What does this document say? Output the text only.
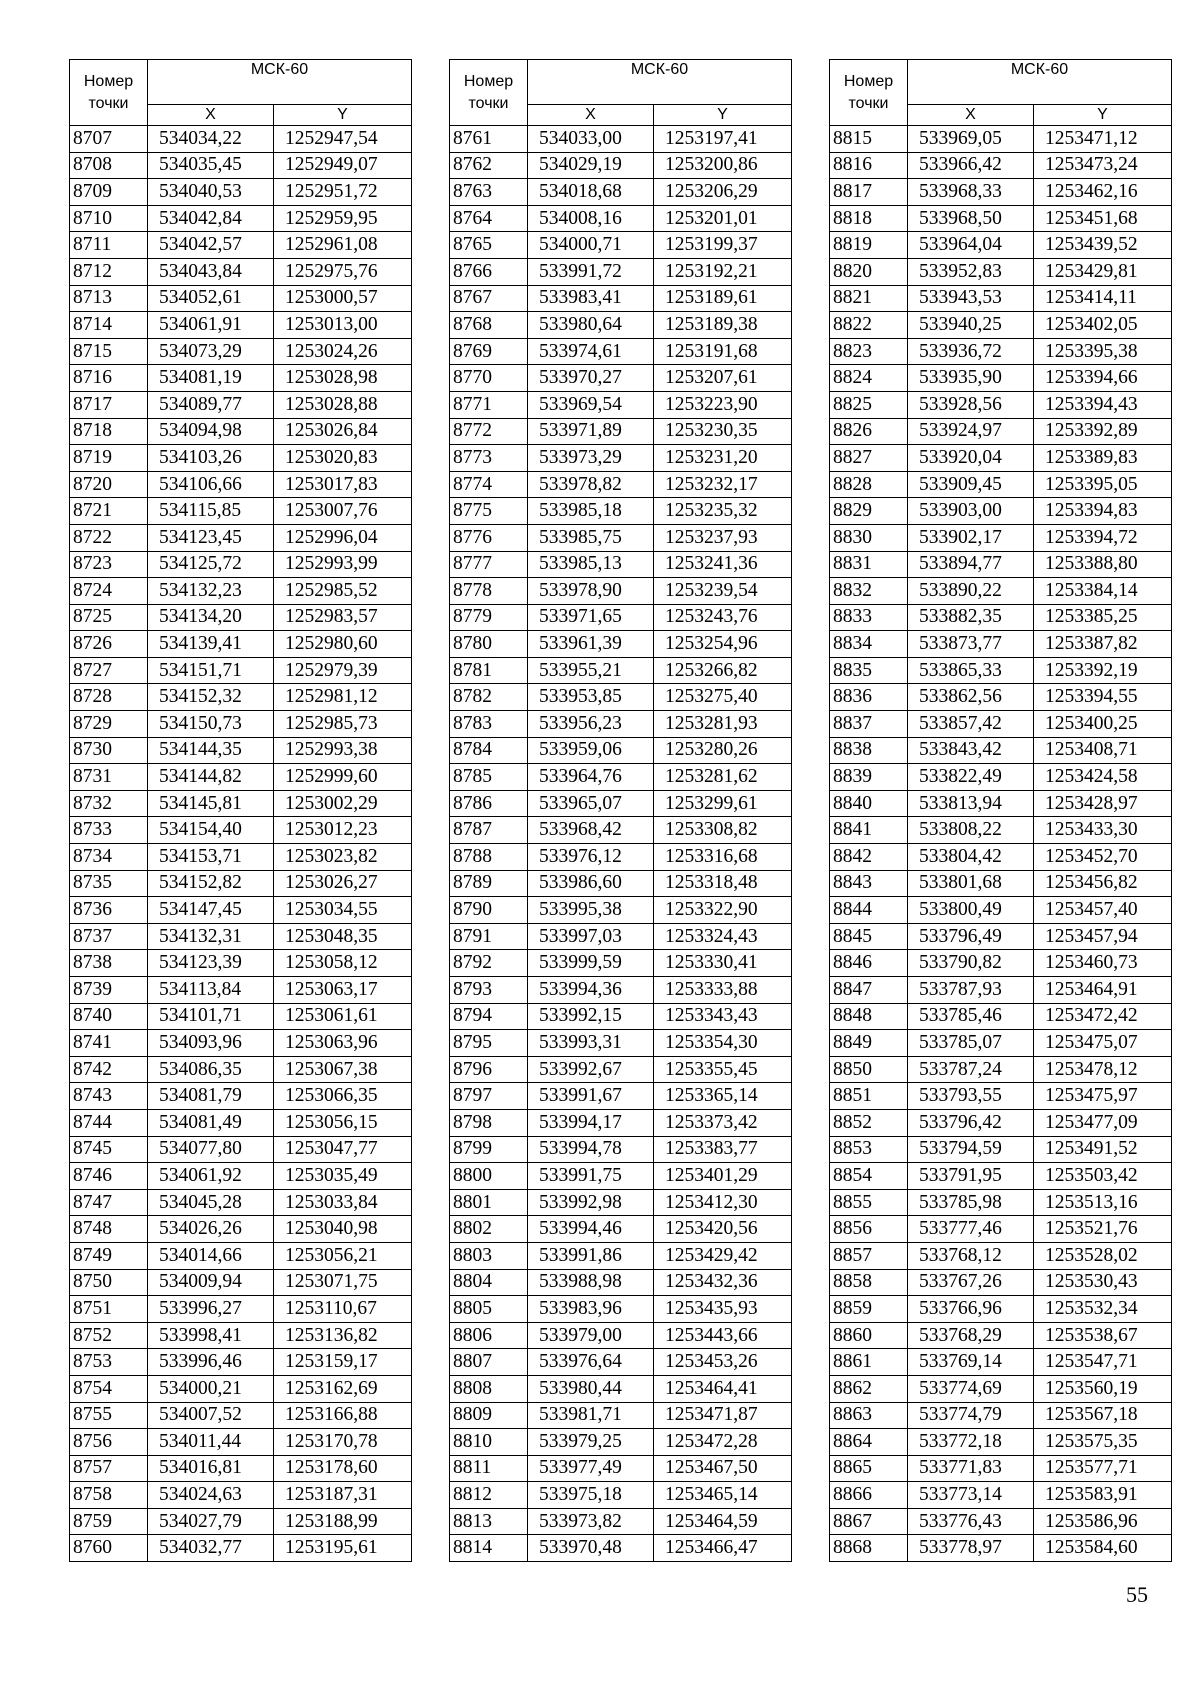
Номер
точки	МСК-60	
	X	Y
8707	534034,22	1252947,54
8708	534035,45	1252949,07
8709	534040,53	1252951,72
8710	534042,84	1252959,95
8711	534042,57	1252961,08
8712	534043,84	1252975,76
8713	534052,61	1253000,57
8714	534061,91	1253013,00
8715	534073,29	1253024,26
8716	534081,19	1253028,98
8717	534089,77	1253028,88
8718	534094,98	1253026,84
8719	534103,26	1253020,83
8720	534106,66	1253017,83
8721	534115,85	1253007,76
8722	534123,45	1252996,04
8723	534125,72	1252993,99
8724	534132,23	1252985,52
8725	534134,20	1252983,57
8726	534139,41	1252980,60
8727	534151,71	1252979,39
8728	534152,32	1252981,12
8729	534150,73	1252985,73
8730	534144,35	1252993,38
8731	534144,82	1252999,60
8732	534145,81	1253002,29
8733	534154,40	1253012,23
8734	534153,71	1253023,82
8735	534152,82	1253026,27
8736	534147,45	1253034,55
8737	534132,31	1253048,35
8738	534123,39	1253058,12
8739	534113,84	1253063,17
8740	534101,71	1253061,61
8741	534093,96	1253063,96
8742	534086,35	1253067,38
8743	534081,79	1253066,35
8744	534081,49	1253056,15
8745	534077,80	1253047,77
8746	534061,92	1253035,49
8747	534045,28	1253033,84
8748	534026,26	1253040,98
8749	534014,66	1253056,21
8750	534009,94	1253071,75
8751	533996,27	1253110,67
8752	533998,41	1253136,82
8753	533996,46	1253159,17
8754	534000,21	1253162,69
8755	534007,52	1253166,88
8756	534011,44	1253170,78
8757	534016,81	1253178,60
8758	534024,63	1253187,31
8759	534027,79	1253188,99
8760	534032,77	1253195,61
Номер
точки	МСК-60	
	X	Y
8761	534033,00	1253197,41
8762	534029,19	1253200,86
8763	534018,68	1253206,29
8764	534008,16	1253201,01
8765	534000,71	1253199,37
8766	533991,72	1253192,21
8767	533983,41	1253189,61
8768	533980,64	1253189,38
8769	533974,61	1253191,68
8770	533970,27	1253207,61
8771	533969,54	1253223,90
8772	533971,89	1253230,35
8773	533973,29	1253231,20
8774	533978,82	1253232,17
8775	533985,18	1253235,32
8776	533985,75	1253237,93
8777	533985,13	1253241,36
8778	533978,90	1253239,54
8779	533971,65	1253243,76
8780	533961,39	1253254,96
8781	533955,21	1253266,82
8782	533953,85	1253275,40
8783	533956,23	1253281,93
8784	533959,06	1253280,26
8785	533964,76	1253281,62
8786	533965,07	1253299,61
8787	533968,42	1253308,82
8788	533976,12	1253316,68
8789	533986,60	1253318,48
8790	533995,38	1253322,90
8791	533997,03	1253324,43
8792	533999,59	1253330,41
8793	533994,36	1253333,88
8794	533992,15	1253343,43
8795	533993,31	1253354,30
8796	533992,67	1253355,45
8797	533991,67	1253365,14
8798	533994,17	1253373,42
8799	533994,78	1253383,77
8800	533991,75	1253401,29
8801	533992,98	1253412,30
8802	533994,46	1253420,56
8803	533991,86	1253429,42
8804	533988,98	1253432,36
8805	533983,96	1253435,93
8806	533979,00	1253443,66
8807	533976,64	1253453,26
8808	533980,44	1253464,41
8809	533981,71	1253471,87
8810	533979,25	1253472,28
8811	533977,49	1253467,50
8812	533975,18	1253465,14
8813	533973,82	1253464,59
8814	533970,48	1253466,47
Номер
точки	МСК-60	
	X	Y
8815	533969,05	1253471,12
8816	533966,42	1253473,24
8817	533968,33	1253462,16
8818	533968,50	1253451,68
8819	533964,04	1253439,52
8820	533952,83	1253429,81
8821	533943,53	1253414,11
8822	533940,25	1253402,05
8823	533936,72	1253395,38
8824	533935,90	1253394,66
8825	533928,56	1253394,43
8826	533924,97	1253392,89
8827	533920,04	1253389,83
8828	533909,45	1253395,05
8829	533903,00	1253394,83
8830	533902,17	1253394,72
8831	533894,77	1253388,80
8832	533890,22	1253384,14
8833	533882,35	1253385,25
8834	533873,77	1253387,82
8835	533865,33	1253392,19
8836	533862,56	1253394,55
8837	533857,42	1253400,25
8838	533843,42	1253408,71
8839	533822,49	1253424,58
8840	533813,94	1253428,97
8841	533808,22	1253433,30
8842	533804,42	1253452,70
8843	533801,68	1253456,82
8844	533800,49	1253457,40
8845	533796,49	1253457,94
8846	533790,82	1253460,73
8847	533787,93	1253464,91
8848	533785,46	1253472,42
8849	533785,07	1253475,07
8850	533787,24	1253478,12
8851	533793,55	1253475,97
8852	533796,42	1253477,09
8853	533794,59	1253491,52
8854	533791,95	1253503,42
8855	533785,98	1253513,16
8856	533777,46	1253521,76
8857	533768,12	1253528,02
8858	533767,26	1253530,43
8859	533766,96	1253532,34
8860	533768,29	1253538,67
8861	533769,14	1253547,71
8862	533774,69	1253560,19
8863	533774,79	1253567,18
8864	533772,18	1253575,35
8865	533771,83	1253577,71
8866	533773,14	1253583,91
8867	533776,43	1253586,96
8868	533778,97	1253584,60
55
